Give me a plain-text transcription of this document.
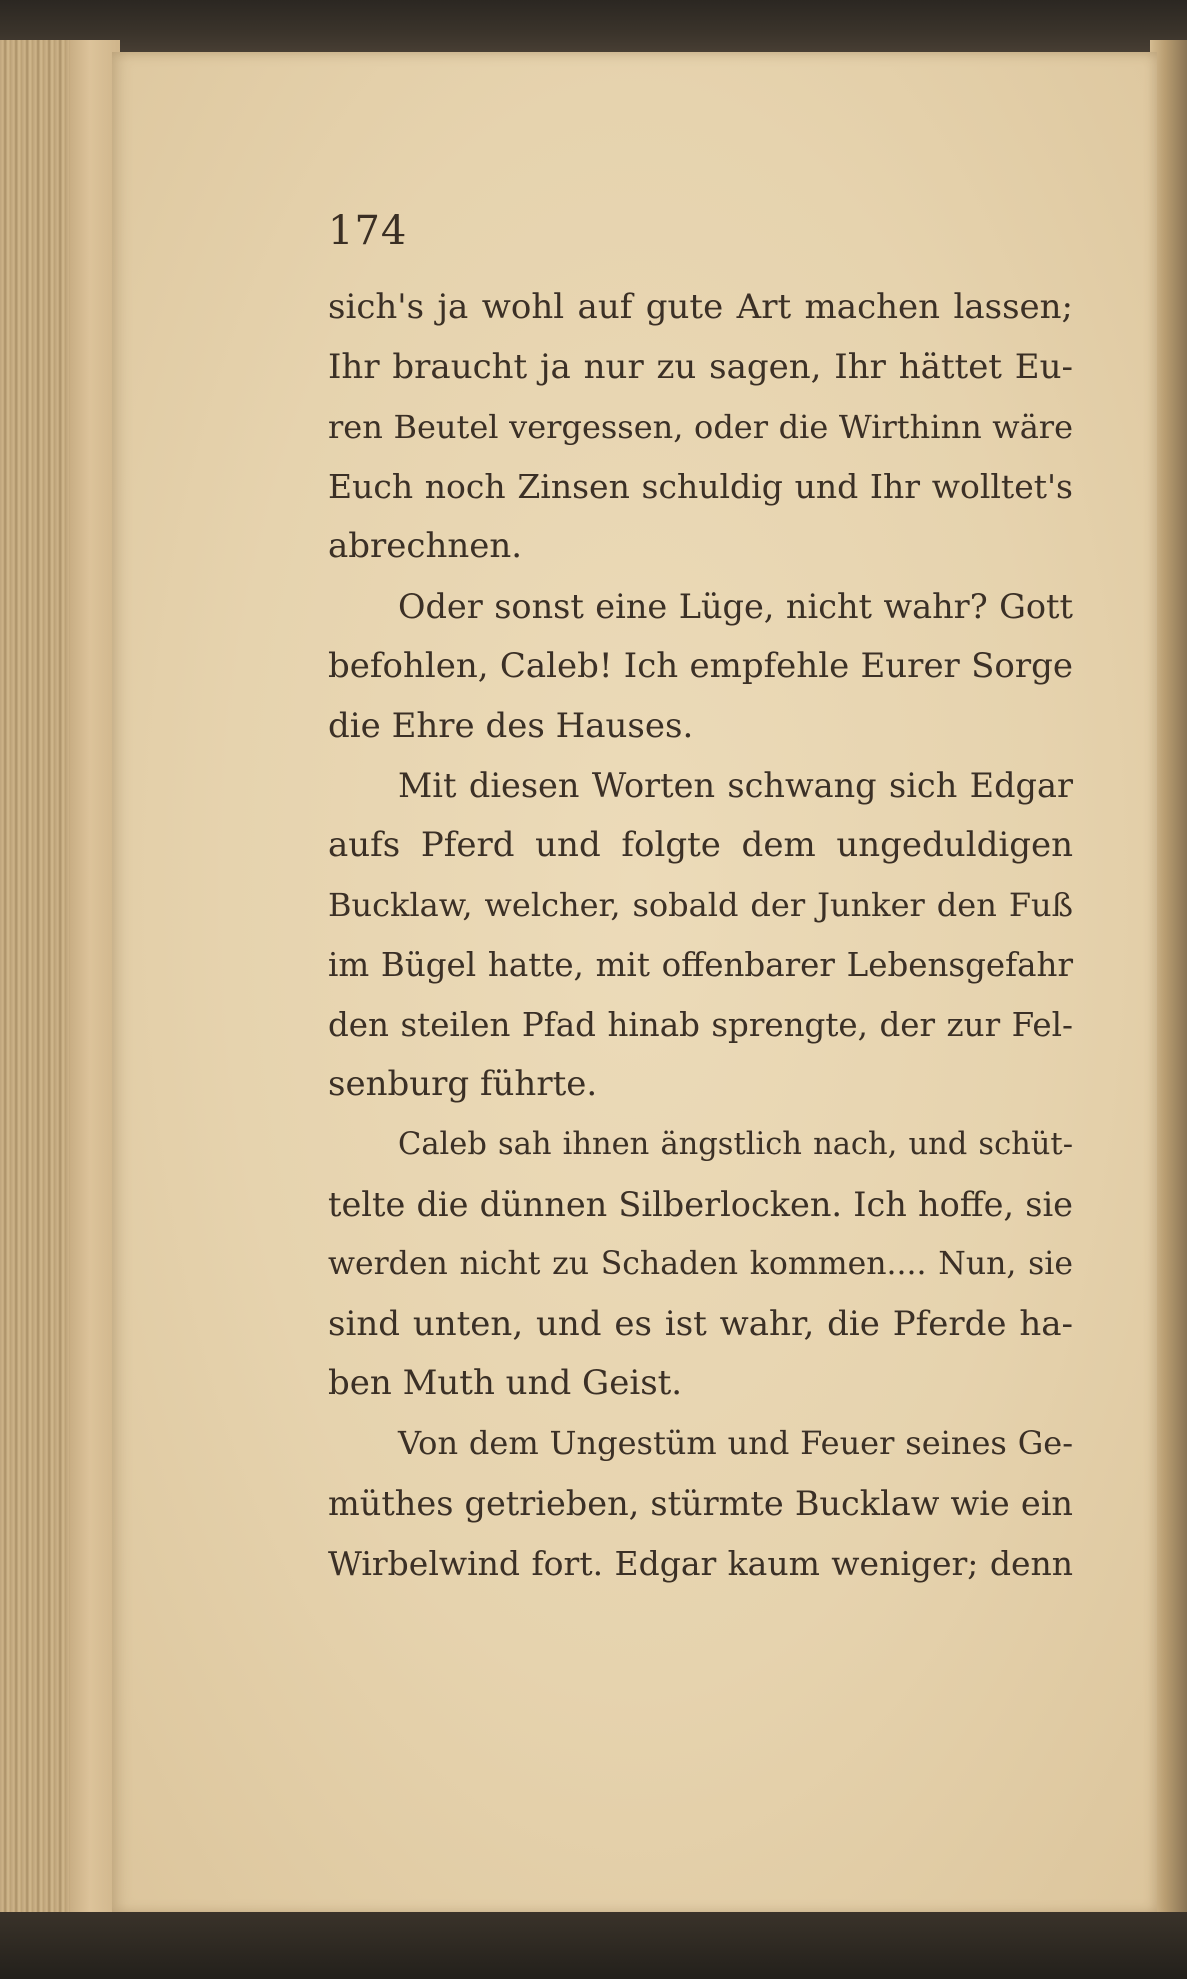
174
sich's ja wohl auf gute Art machen lassen;
Ihr braucht ja nur zu sagen, Ihr hättet Eu-
ren Beutel vergessen, oder die Wirthinn wäre
Euch noch Zinsen schuldig und Ihr wolltet's
abrechnen.
Oder sonst eine Lüge, nicht wahr? Gott
befohlen, Caleb! Ich empfehle Eurer Sorge
die Ehre des Hauses.
Mit diesen Worten schwang sich Edgar
aufs Pferd und folgte dem ungeduldigen
Bucklaw, welcher, sobald der Junker den Fuß
im Bügel hatte, mit offenbarer Lebensgefahr
den steilen Pfad hinab sprengte, der zur Fel-
senburg führte.
Caleb sah ihnen ängstlich nach, und schüt-
telte die dünnen Silberlocken. Ich hoffe, sie
werden nicht zu Schaden kommen.... Nun, sie
sind unten, und es ist wahr, die Pferde ha-
ben Muth und Geist.
Von dem Ungestüm und Feuer seines Ge-
müthes getrieben, stürmte Bucklaw wie ein
Wirbelwind fort. Edgar kaum weniger; denn
